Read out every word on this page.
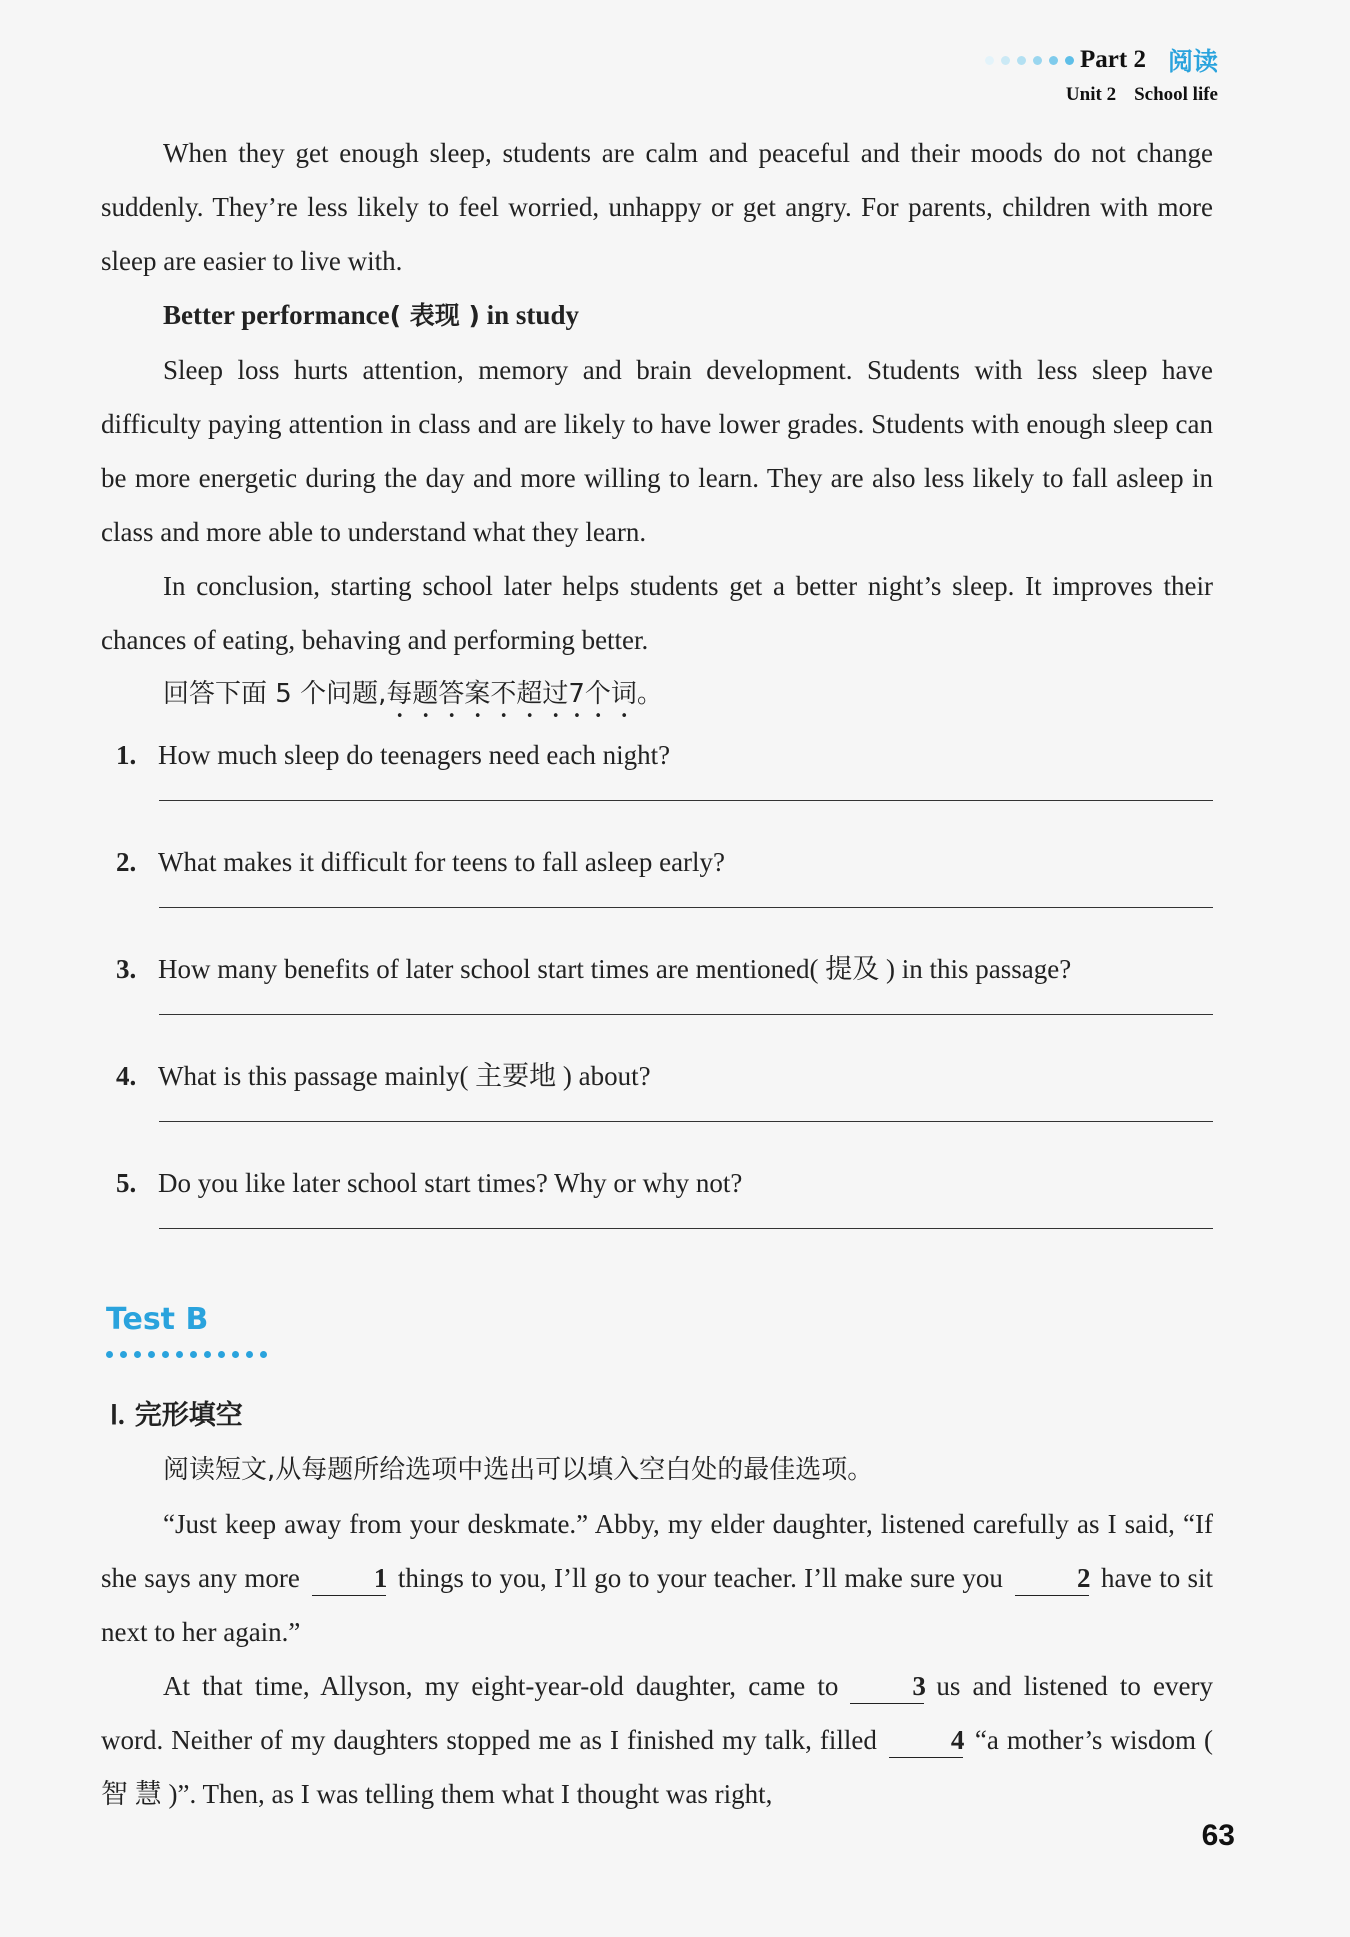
Part 2 阅读
Unit 2 School life

When they get enough sleep, students are calm and peaceful and their moods do not change suddenly. They’re less likely to feel worried, unhappy or get angry. For parents, children with more sleep are easier to live with.

Better performance( 表现 ) in study

Sleep loss hurts attention, memory and brain development. Students with less sleep have difficulty paying attention in class and are likely to have lower grades. Students with enough sleep can be more energetic during the day and more willing to learn. They are also less likely to fall asleep in class and more able to understand what they learn.

In conclusion, starting school later helps students get a better night’s sleep. It improves their chances of eating, behaving and performing better.

回答下面 5 个问题,每题答案不超过7个词。

1. How much sleep do teenagers need each night?
2. What makes it difficult for teens to fall asleep early?
3. How many benefits of later school start times are mentioned( 提及 ) in this passage?
4. What is this passage mainly( 主要地 ) about?
5. Do you like later school start times? Why or why not?
Test B

Ⅰ. 完形填空

阅读短文,从每题所给选项中选出可以填入空白处的最佳选项。

“Just keep away from your deskmate.” Abby, my elder daughter, listened carefully as I said, “If she says any more	1 things to you, I’ll go to your teacher. I’ll make sure you	2 have to sit next to her again.”

At that time, Allyson, my eight-year-old daughter, came to	3 us and listened to every word. Neither of my daughters stopped me as I finished my talk, filled	4 “a mother’s wisdom ( 智 慧 )”. Then, as I was telling them what I thought was right,

63
